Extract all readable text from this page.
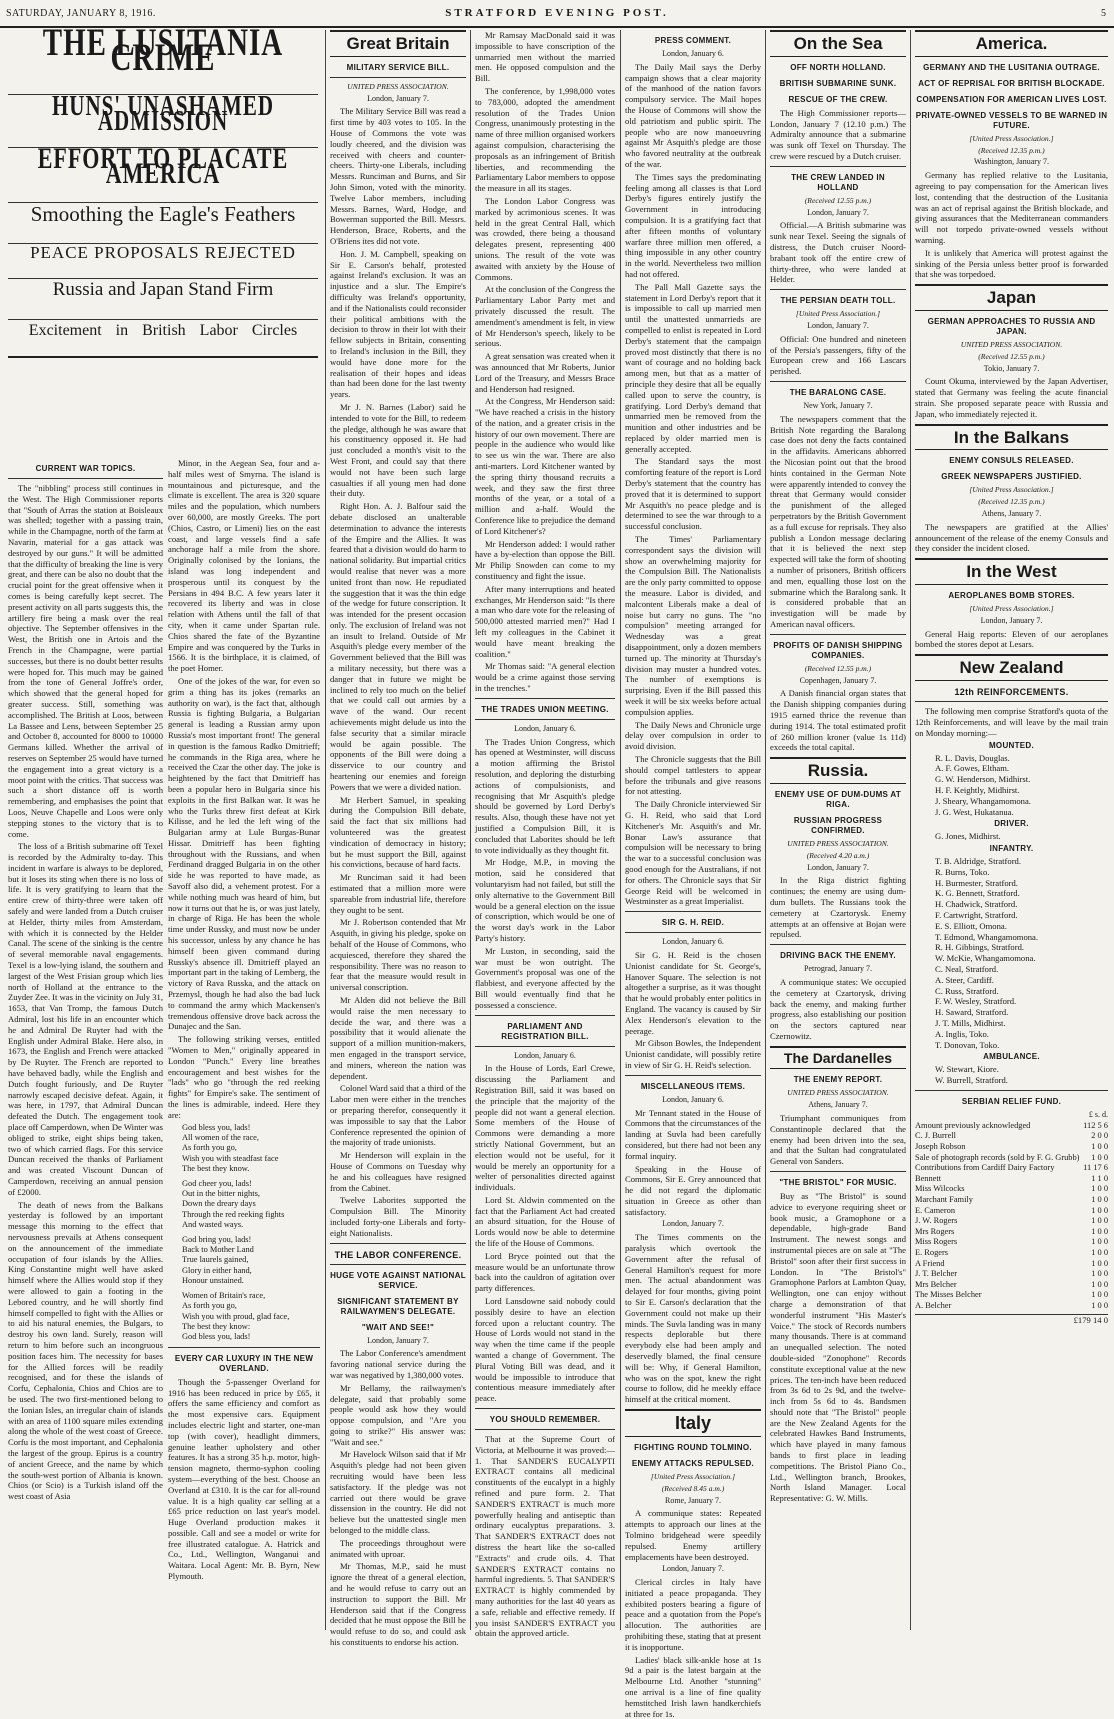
SATURDAY, JANUARY 8, 1916.	STRATFORD EVENING POST.	5
THE LUSITANIA CRIME
HUNS' UNASHAMED ADMISSION
EFFORT TO PLACATE AMERICA
Smoothing the Eagle's Feathers
PEACE PROPOSALS REJECTED
Russia and Japan Stand Firm
Excitement in British Labor Circles
CURRENT WAR TOPICS.

The "nibbling" process still continues in the West. The High Commissioner reports that "South of Arras the station at Boisleaux was shelled; together with a passing train, while in the Champagne, north of the farm at Navarin, material for a gas attack was destroyed by our guns." It will be admitted that the difficulty of breaking the line is very great, and there can be also no doubt that the crucial point for the great offensive when it comes is being carefully kept secret. The present activity on all parts suggests this, the artillery fire being a mask over the real objective. The September offensives in the West, the British one in Artois and the French in the Champagne, were partial successes, but there is no doubt better results were hoped for. This much may be gained from the tone of General Joffre's order, which showed that the general hoped for greater success. Still, something was accomplished. The British at Loos, between La Bassee and Lens, between September 25 and October 8, accounted for 8000 to 10000 Germans killed. Whether the arrival of reserves on September 25 would have turned the engagement into a great victory is a moot point with the critics. That success was such a short distance off is worth remembering, and emphasises the point that Loos, Neuve Chapelle and Loos were only stepping stones to the victory that is to come.

The loss of a British submarine off Texel is recorded by the Admiralty to-day. This incident in warfare is always to be deplored, but it loses its sting when there is no loss of life. It is very gratifying to learn that the entire crew of thirty-three were taken off safely and were landed from a Dutch cruiser at Helder, thirty miles from Amsterdam, with which it is connected by the Helder Canal. The scene of the sinking is the centre of several memorable naval engagements. Texel is a low-lying island, the southern and largest of the West Frisian group which lies north of Holland at the entrance to the Zuyder Zee. It was in the vicinity on July 31, 1653, that Van Tromp, the famous Dutch Admiral, lost his life in an encounter which he and Admiral De Ruyter had with the English under Admiral Blake. Here also, in 1673, the English and French were attacked by De Ruyter. The French are reported to have behaved badly, while the English and Dutch fought furiously, and De Ruyter narrowly escaped decisive defeat. Again, it was here, in 1797, that Admiral Duncan defeated the Dutch. The engagement took place off Camperdown, when De Winter was obliged to strike, eight ships being taken, two of which carried flags. For this service Duncan received the thanks of Parliament and was created Viscount Duncan of Camperdown, receiving an annual pension of £2000.

The death of news from the Balkans yesterday is followed by an important message this morning to the effect that nervousness prevails at Athens consequent on the announcement of the immediate occupation of four islands by the Allies. King Constantine might well have asked himself where the Allies would stop if they were allowed to gain a footing in the Lebored country, and he will shortly find himself compelled to fight with the Allies or to aid his natural enemies, the Bulgars, to destroy his own land. Surely, reason will return to him before such an incongruous position faces him. The necessity for bases for the Allied forces will be readily recognised, and for these the islands of Corfu, Cephalonia, Chios and Chios are to be used. The two first-mentioned belong to the Ionian Isles, an irregular chain of islands with an area of 1100 square miles extending along the whole of the west coast of Greece. Corfu is the most important, and Cephalonia the largest of the group. Epirus is a country of ancient Greece, and the name by which the south-west portion of Albania is known. Chios (or Scio) is a Turkish island off the west coast of Asia

Minor, in the Aegean Sea, four and a-half miles west of Smyrna. The island is mountainous and picturesque, and the climate is excellent. The area is 320 square miles and the population, which numbers over 60,000, are mostly Greeks. The port (Chios, Castro, or Limeni) lies on the east coast, and large vessels find a safe anchorage half a mile from the shore. Originally colonised by the Ionians, the island was long independent and prosperous until its conquest by the Persians in 494 B.C. A few years later it recovered its liberty and was in close relation with Athens until the fall of that city, when it came under Spartan rule. Chios shared the fate of the Byzantine Empire and was conquered by the Turks in 1566. It is the birthplace, it is claimed, of the poet Homer.

One of the jokes of the war, for even so grim a thing has its jokes (remarks an authority on war), is the fact that, although Russia is fighting Bulgaria, a Bulgarian general is leading a Russian army upon Russia's most important front! The general in question is the famous Radko Dmitrieff; he commands in the Riga area, where he received the Czar the other day. The joke is heightened by the fact that Dmitrieff has been a popular hero in Bulgaria since his exploits in the first Balkan war. It was he who the Turks threw first defeat at Kirk Kilisse, and he led the left wing of the Bulgarian army at Lule Burgas-Bunar Hissar. Dmitrieff has been fighting throughout with the Russians, and when Ferdinand dragged Bulgaria in on the other side he was reported to have made, as Savoff also did, a vehement protest. For a while nothing much was heard of him, but now it turns out that he is, or was just lately, in charge of Riga. He has been the whole time under Russky, and must now be under his successor, unless by any chance he has himself been given command during Russky's absence ill. Dmitrieff played an important part in the taking of Lemberg, the victory of Rava Russka, and the attack on Przemysl, though he had also the bad luck to command the army which Mackensen's tremendous offensive drove back across the Dunajec and the San.

The following striking verses, entitled "Women to Men," originally appeared in London "Punch." Every line breathes encouragement and best wishes for the "lads" who go "through the red reeking fights" for Empire's sake. The sentiment of the lines is admirable, indeed. Here they are:

God bless you, lads!
All women of the race,
As forth you go,
Wish you with steadfast face
The best they know.
God cheer you, lads!
Out in the bitter nights,
Down the dreary days
Through the red reeking fights
And wasted ways.
God bring you, lads!
Back to Mother Land
True laurels gained,
Glory in either hand,
Honour unstained.
Women of Britain's race,
As forth you go,
Wish you with proud, glad face,
The best they know:
God bless you, lads!
EVERY CAR LUXURY IN THE NEW OVERLAND.

Though the 5-passenger Overland for 1916 has been reduced in price by £65, it offers the same efficiency and comfort as the most expensive cars. Equipment includes electric light and starter, one-man top (with cover), headlight dimmers, genuine leather upholstery and other features. It has a strong 35 h.p. motor, high-tension magneto, thermo-syphon cooling system—everything of the best. Choose an Overland at £310. It is the car for all-round value. It is a high quality car selling at a £65 price reduction on last year's model. Huge Overland production makes it possible. Call and see a model or write for free illustrated catalogue. A. Hatrick and Co., Ltd., Wellington, Wanganui and Waitara. Local Agent: Mr. B. Byrn, New Plymouth.

Great Britain
MILITARY SERVICE BILL.
UNITED PRESS ASSOCIATION.
London, January 7.

The Military Service Bill was read a first time by 403 votes to 105. In the House of Commons the vote was loudly cheered, and the division was received with cheers and counter-cheers. Thirty-one Liberals, including Messrs. Runciman and Burns, and Sir John Simon, voted with the minority. Twelve Labor members, including Messrs. Barnes, Ward, Hodge, and Bowerman supported the Bill. Messrs. Henderson, Brace, Roberts, and the O'Briens ites did not vote.

Hon. J. M. Campbell, speaking on Sir E. Carson's behalf, protested against Ireland's exclusion. It was an injustice and a slur. The Empire's difficulty was Ireland's opportunity, and if the Nationalists could reconsider their political ambitions with the decision to throw in their lot with their fellow subjects in Britain, consenting to Ireland's inclusion in the Bill, they would have done more for the realisation of their hopes and ideas than had been done for the last twenty years.

Mr J. N. Barnes (Labor) said he intended to vote for the Bill, to redeem the pledge, although he was aware that his constituency opposed it. He had just concluded a month's visit to the West Front, and could say that there would not have been such large casualties if all young men had done their duty.

Right Hon. A. J. Balfour said the debate disclosed an unalterable determination to advance the interests of the Empire and the Allies. It was feared that a division would do harm to national solidarity. But impartial critics would realise that never was a more united front than now. He repudiated the suggestion that it was the thin edge of the wedge for future conscription. It was intended for the present occasion only. The exclusion of Ireland was not an insult to Ireland. Outside of Mr Asquith's pledge every member of the Government believed that the Bill was a military necessity, but there was a danger that in future we might be inclined to rely too much on the belief that we could call out armies by a wave of the wand. Our recent achievements might delude us into the false security that a similar miracle would be again possible. The opponents of the Bill were doing a disservice to our country and heartening our enemies and foreign Powers that we were a divided nation.

Mr Herbert Samuel, in speaking during the Compulsion Bill debate, said the fact that six millions had volunteered was the greatest vindication of democracy in history; but he must support the Bill, against his convictions, because of hard facts.

Mr Runciman said it had been estimated that a million more were spareable from industrial life, therefore they ought to be sent.

Mr J. Robertson contended that Mr Asquith, in giving his pledge, spoke on behalf of the House of Commons, who acquiesced, therefore they shared the responsibility. There was no reason to fear that the measure would result in universal conscription.

Mr Alden did not believe the Bill would raise the men necessary to decide the war, and there was a possibility that it would alienate the support of a million munition-makers, men engaged in the transport service, and miners, whereon the nation was dependent.

Colonel Ward said that a third of the Labor men were either in the trenches or preparing therefor, consequently it was impossible to say that the Labor Conference represented the opinion of the majority of trade unionists.

Mr Henderson will explain in the House of Commons on Tuesday why he and his colleagues have resigned from the Cabinet.

Twelve Laborites supported the Compulsion Bill. The Minority included forty-one Liberals and forty-eight Nationalists.

THE LABOR CONFERENCE.
HUGE VOTE AGAINST NATIONAL SERVICE.
SIGNIFICANT STATEMENT BY RAILWAYMEN'S DELEGATE.
"WAIT AND SEE!"
London, January 7.

The Labor Conference's amendment favoring national service during the war was negatived by 1,380,000 votes.

Mr Bellamy, the railwaymen's delegate, said that probably some people would ask how they would oppose compulsion, and "Are you going to strike?" His answer was: "Wait and see."

Mr Havelock Wilson said that if Mr Asquith's pledge had not been given recruiting would have been less satisfactory. If the pledge was not carried out there would be grave dissension in the country. He did not believe but the unattested single men belonged to the middle class.

The proceedings throughout were animated with uproar.

Mr Thomas, M.P., said he must ignore the threat of a general election, and he would refuse to carry out an instruction to support the Bill. Mr Henderson said that if the Congress decided that he must oppose the Bill he would refuse to do so, and could ask his constituents to endorse his action.

Mr Ramsay MacDonald said it was impossible to have conscription of the unmarried men without the married men. He opposed compulsion and the Bill.

The conference, by 1,998,000 votes to 783,000, adopted the amendment resolution of the Trades Union Congress, unanimously protesting in the name of three million organised workers against compulsion, characterising the proposals as an infringement of British liberties, and recommending the Parliamentary Labor members to oppose the measure in all its stages.

The London Labor Congress was marked by acrimonious scenes. It was held in the great Central Hall, which was crowded, there being a thousand delegates present, representing 400 unions. The result of the vote was awaited with anxiety by the House of Commons.

At the conclusion of the Congress the Parliamentary Labor Party met and privately discussed the result. The amendment's amendment is felt, in view of Mr Henderson's speech, likely to be serious.

A great sensation was created when it was announced that Mr Roberts, Junior Lord of the Treasury, and Messrs Brace and Henderson had resigned.

At the Congress, Mr Henderson said: "We have reached a crisis in the history of the nation, and a greater crisis in the history of our own movement. There are people in the audience who would like to see us win the war. There are also anti-marters. Lord Kitchener wanted by the spring thirty thousand recruits a week, and they saw the first three months of the year, or a total of a million and a-half. Would the Conference like to prejudice the demand of Lord Kitchener's?

Mr Henderson added: I would rather have a by-election than oppose the Bill. Mr Philip Snowden can come to my constituency and fight the issue.

After many interruptions and heated exchanges, Mr Henderson said: "Is there a man who dare vote for the releasing of 500,000 attested married men?" Had I left my colleagues in the Cabinet it would have meant breaking the coalition."

Mr Thomas said: "A general election would be a crime against those serving in the trenches."

THE TRADES UNION MEETING.
London, January 6.

The Trades Union Congress, which has opened at Westminster, will discuss a motion affirming the Bristol resolution, and deploring the disturbing actions of compulsionists, and recognising that Mr Asquith's pledge should be governed by Lord Derby's results. Also, though these have not yet justified a Compulsion Bill, it is concluded that Laborites should be left to vote individually as they thought fit.

Mr Hodge, M.P., in moving the motion, said he considered that voluntaryism had not failed, but still the only alternative to the Government Bill would be a general election on the issue of conscription, which would be one of the worst day's work in the Labor Party's history.

Mr Luston, in seconding, said the war must be won outright. The Government's proposal was one of the flabbiest, and everyone affected by the Bill would eventually find that he possessed a conscience.

PARLIAMENT AND REGISTRATION BILL.
London, January 6.

In the House of Lords, Earl Crewe, discussing the Parliament and Registration Bill, said it was based on the principle that the majority of the people did not want a general election. Some members of the House of Commons were demanding a more strictly National Government, but an election would not be useful, for it would be merely an opportunity for a welter of personalities directed against individuals.

Lord St. Aldwin commented on the fact that the Parliament Act had created an absurd situation, for the House of Lords would now be able to determine the life of the House of Commons.

Lord Bryce pointed out that the measure would be an unfortunate throw back into the cauldron of agitation over party differences.

Lord Lansdowne said nobody could possibly desire to have an election forced upon a reluctant country. The House of Lords would not stand in the way when the time came if the people wanted a change of Government. The Plural Voting Bill was dead, and it would be impossible to introduce that contentious measure immediately after peace.

YOU SHOULD REMEMBER.

That at the Supreme Court of Victoria, at Melbourne it was proved:— 1. That SANDER'S EUCALYPTI EXTRACT contains all medicinal constituents of the eucalypt in a highly refined and pure form. 2. That SANDER'S EXTRACT is much more powerfully healing and antiseptic than ordinary eucalyptus preparations. 3. That SANDER'S EXTRACT does not distress the heart like the so-called "Extracts" and crude oils. 4. That SANDER'S EXTRACT contains no harmful ingredients. 5. That SANDER'S EXTRACT is highly commended by many authorities for the last 40 years as a safe, reliable and effective remedy. If you insist SANDER'S EXTRACT you obtain the approved article.

PRESS COMMENT.
London, January 6.

The Daily Mail says the Derby campaign shows that a clear majority of the manhood of the nation favors compulsory service. The Mail hopes the House of Commons will show the old patriotism and public spirit. The people who are now manoeuvring against Mr Asquith's pledge are those who favored neutrality at the outbreak of the war.

The Times says the predominating feeling among all classes is that Lord Derby's figures entirely justify the Government in introducing compulsion. It is a gratifying fact that after fifteen months of voluntary warfare three million men offered, a thing impossible in any other country in the world. Nevertheless two million had not offered.

The Pall Mall Gazette says the statement in Lord Derby's report that it is impossible to call up married men until the unattested unmarrieds are compelled to enlist is repeated in Lord Derby's statement that the campaign proved most distinctly that there is no want of courage and no holding back among men, but that as a matter of principle they desire that all be equally called upon to serve the country, is gratifying. Lord Derby's demand that unmarried men be removed from the munition and other industries and be replaced by older married men is generally accepted.

The Standard says the most comforting feature of the report is Lord Derby's statement that the country has proved that it is determined to support Mr Asquith's no peace pledge and is determined to see the war through to a successful conclusion.

The Times' Parliamentary correspondent says the division will show an overwhelming majority for the Compulsion Bill. The Nationalists are the only party committed to oppose the measure. Labor is divided, and malcontent Liberals make a deal of noise but carry no guns. The "no compulsion" meeting arranged for Wednesday was a great disappointment, only a dozen members turned up. The minority at Thursday's division may muster a hundred votes. The number of exemptions is surprising. Even if the Bill passed this week it will be six weeks before actual compulsion applies.

The Daily News and Chronicle urge delay over compulsion in order to avoid division.

The Chronicle suggests that the Bill should compel tattlesters to appear before the tribunals and give reasons for not attesting.

The Daily Chronicle interviewed Sir G. H. Reid, who said that Lord Kitchener's Mr. Asquith's and Mr. Bonar Law's assurance that compulsion will be necessary to bring the war to a successful conclusion was good enough for the Australians, if not for others. The Chronicle says that Sir George Reid will be welcomed in Westminster as a great Imperialist.

SIR G. H. REID.
London, January 6.

Sir G. H. Reid is the chosen Unionist candidate for St. George's, Hanover Square. The selection is not altogether a surprise, as it was thought that he would probably enter politics in England. The vacancy is caused by Sir Alex Henderson's elevation to the peerage.

Mr Gibson Bowles, the Independent Unionist candidate, will possibly retire in view of Sir G. H. Reid's selection.

MISCELLANEOUS ITEMS.
London, January 6.

Mr Tennant stated in the House of Commons that the circumstances of the landing at Suvla had been carefully considered, but there had not been any formal inquiry.

Speaking in the House of Commons, Sir E. Grey announced that he did not regard the diplomatic situation in Greece as other than satisfactory.

London, January 7.

The Times comments on the paralysis which overtook the Government after the refusal of General Hamilton's request for more men. The actual abandonment was delayed for four months, giving point to Sir E. Carson's declaration that the Government could not make up their minds. The Suvla landing was in many respects deplorable but there everybody else had been amply and deservedly blamed, the final censure will be: Why, if General Hamilton, who was on the spot, knew the right course to follow, did he meekly efface himself at the critical moment.

Italy
FIGHTING ROUND TOLMINO.
ENEMY ATTACKS REPULSED.
[United Press Association.]
(Received 8.45 a.m.)
Rome, January 7.

A communique states: Repeated attempts to approach our lines at the Tolmino bridgehead were speedily repulsed. Enemy artillery emplacements have been destroyed.

London, January 7.

Clerical circles in Italy have initiated a peace propaganda. They exhibited posters bearing a figure of peace and a quotation from the Pope's allocution. The authorities are prohibiting these, stating that at present it is inopportune.

Ladies' black silk-ankle hose at 1s 9d a pair is the latest bargain at the Melbourne Ltd. Another "stunning" one arrival is a line of fine quality hemstitched Irish lawn handkerchiefs at three for 1s.

On the Sea
OFF NORTH HOLLAND.
BRITISH SUBMARINE SUNK.
RESCUE OF THE CREW.

The High Commissioner reports— London, January 7 (12.10 p.m.) The Admiralty announce that a submarine was sunk off Texel on Thursday. The crew were rescued by a Dutch cruiser.

THE CREW LANDED IN HOLLAND
(Received 12.55 p.m.)
London, January 7.

Official.—A British submarine was sunk near Texel. Seeing the signals of distress, the Dutch cruiser Noord-brabant took off the entire crew of thirty-three, who were landed at Helder.

THE PERSIAN DEATH TOLL.
[United Press Association.]
London, January 7.

Official: One hundred and nineteen of the Persia's passengers, fifty of the European crew and 166 Lascars perished.

THE BARALONG CASE.
New York, January 7.

The newspapers comment that the British Note regarding the Baralong case does not deny the facts contained in the affidavits. Americans abhorred the Nicosian point out that the brood hints contained in the German Note were apparently intended to convey the threat that Germany would consider the punishment of the alleged perpetrators by the British Government as a full excuse for reprisals. They also publish a London message declaring that it is believed the next step expected will take the form of shooting a number of prisoners, British officers and men, equalling those lost on the submarine which the Baralong sank. It is considered probable that an investigation will be made by American naval officers.

PROFITS OF DANISH SHIPPING COMPANIES.
(Received 12.55 p.m.)
Copenhagen, January 7.

A Danish financial organ states that the Danish shipping companies during 1915 earned thrice the revenue than during 1914. The total estimated profit of 260 million kroner (value 1s 11d) exceeds the total capital.

Russia.
ENEMY USE OF DUM-DUMS AT RIGA.
RUSSIAN PROGRESS CONFIRMED.
UNITED PRESS ASSOCIATION.
(Received 4.20 a.m.)
London, January 7.

In the Riga district fighting continues; the enemy are using dum-dum bullets. The Russians took the cemetery at Czartorysk. Enemy attempts at an offensive at Bojan were repulsed.

DRIVING BACK THE ENEMY.
Petrograd, January 7.

A communique states: We occupied the cemetery at Czartorysk, driving back the enemy, and making further progress, also establishing our position on the sectors captured near Czernowitz.

The Dardanelles
THE ENEMY REPORT.
UNITED PRESS ASSOCIATION.
Athens, January 7.

Triumphant communiques from Constantinople declared that the enemy had been driven into the sea, and that the Sultan had congratulated General von Sanders.

"THE BRISTOL" FOR MUSIC.

Buy as "The Bristol" is sound advice to everyone requiring sheet or book music, a Gramophone or a dependable, high-grade Band Instrument. The newest songs and instrumental pieces are on sale at "The Bristol" soon after their first success in London. In "The Bristol's" Gramophone Parlors at Lambton Quay, Wellington, one can enjoy without charge a demonstration of that wonderful instrument "His Master's Voice." The stock of Records numbers many thousands. There is at command an unequalled selection. The noted double-sided "Zonophone" Records constitute exceptional value at the new prices. The ten-inch have been reduced from 3s 6d to 2s 9d, and the twelve-inch from 5s 6d to 4s. Bandsmen should note that "The Bristol" people are the New Zealand Agents for the celebrated Hawkes Band Instruments, which have played in many famous bands to first place in leading competitions. The Bristol Piano Co., Ltd., Wellington branch, Brookes, North Island Manager. Local Representative: G. W. Mills.

America.
GERMANY AND THE LUSITANIA OUTRAGE.
ACT OF REPRISAL FOR BRITISH BLOCKADE.
COMPENSATION FOR AMERICAN LIVES LOST.
PRIVATE-OWNED VESSELS TO BE WARNED IN FUTURE.
[United Press Association.]
(Received 12.35 p.m.)
Washington, January 7.

Germany has replied relative to the Lusitania, agreeing to pay compensation for the American lives lost, contending that the destruction of the Lusitania was an act of reprisal against the British blockade, and giving assurances that the Mediterranean commanders will not torpedo private-owned vessels without warning.

It is unlikely that America will protest against the sinking of the Persia unless better proof is forwarded that she was torpedoed.

Japan
GERMAN APPROACHES TO RUSSIA AND JAPAN.
UNITED PRESS ASSOCIATION.
(Received 12.55 p.m.)
Tokio, January 7.

Count Okuma, interviewed by the Japan Advertiser, stated that Germany was feeling the acute financial strain. She proposed separate peace with Russia and Japan, who immediately rejected it.

In the Balkans
ENEMY CONSULS RELEASED.
GREEK NEWSPAPERS JUSTIFIED.
[United Press Association.]
(Received 12.35 p.m.)
Athens, January 7.

The newspapers are gratified at the Allies' announcement of the release of the enemy Consuls and they consider the incident closed.

In the West
AEROPLANES BOMB STORES.
[United Press Association.]
London, January 7.

General Haig reports: Eleven of our aeroplanes bombed the stores depot at Lesars.

New Zealand
12th REINFORCEMENTS.

The following men comprise Stratford's quota of the 12th Reinforcements, and will leave by the mail train on Monday morning:—

MOUNTED.
R. L. Davis, Douglas.
A. F. Gowes, Eltham.
G. W. Henderson, Midhirst.
H. F. Keightly, Midhirst.
J. Sheary, Whangamomona.
J. G. West, Hukatanua.
DRIVER.
G. Jones, Midhirst.
INFANTRY.
T. B. Aldridge, Stratford.
R. Burns, Toko.
H. Burmester, Stratford.
K. G. Bennett, Stratford.
H. Chadwick, Stratford.
F. Cartwright, Stratford.
E. S. Elliott, Omona.
T. Edmond, Whangamomona.
R. H. Gibbings, Stratford.
W. McKie, Whangamomona.
C. Neal, Stratford.
A. Steer, Cardiff.
C. Russ, Stratford.
F. W. Wesley, Stratford.
H. Saward, Stratford.
J. T. Mills, Midhirst.
A. Inglis, Toko.
T. Donovan, Toko.
AMBULANCE.
W. Stewart, Kiore.
W. Burrell, Stratford.
SERBIAN RELIEF FUND.
£ s. d.
Amount previously acknowledged	112 5 6
C. J. Burrell	2 0 0
Joseph Robson	1 0 0
Sale of photograph records (sold by F. G. Grubb)	1 0 0
Contributions from Cardiff Dairy Factory	11 17 6
Bennett	1 1 0
Miss Wilcocks	1 0 0
Marchant Family	1 0 0
E. Cameron	1 0 0
J. W. Rogers	1 0 0
Mrs Rogers	1 0 0
Miss Rogers	1 0 0
E. Rogers	1 0 0
A Friend	1 0 0
J. T. Belcher	1 0 0
Mrs Belcher	1 0 0
The Misses Belcher	1 0 0
A. Belcher	1 0 0
£179 14 0
